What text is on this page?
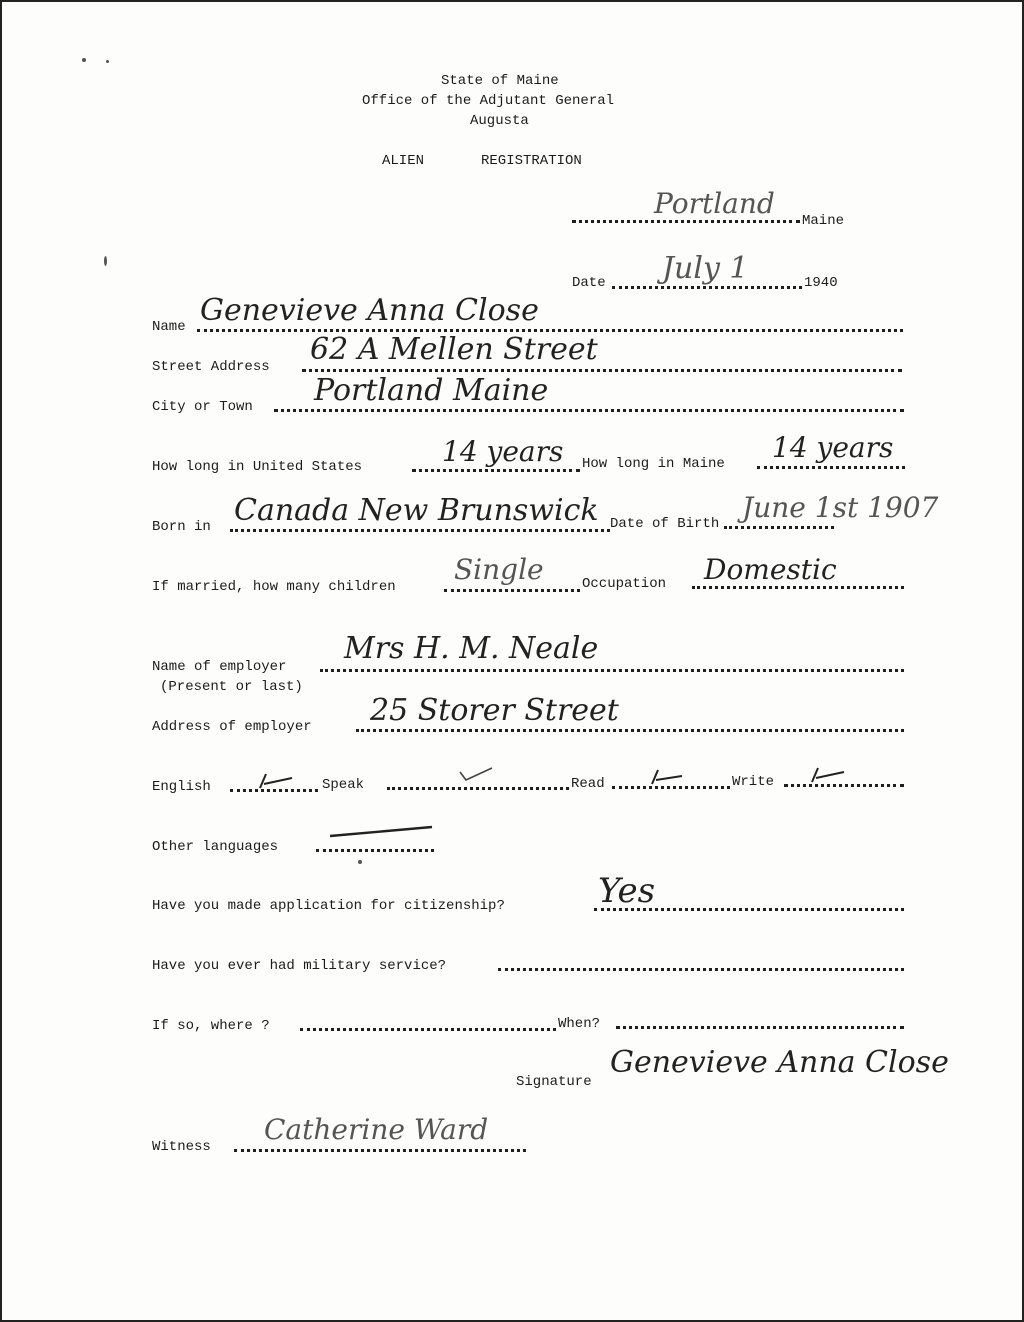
State of Maine
Office of the Adjutant General
Augusta
ALIEN	REGISTRATION
Portland
Maine
Date July 1	1940
Name Genevieve Anna Close
Street Address 62 A Mellen Street
City or Town Portland Maine
How long in United States	14 years How long in Maine 14 years
Born in Canada New Brunswick Date of Birth June 1st 1907
If married, how many children
Single	Occupation Domestic
Name of employer
(Present or last)
Mrs H. M. Neale
Address of employer 25 Storer Street
English	Speak	Read	Write
Other languages
Have you made application for citizenship?	Yes
Have you ever had military service?
If so, where ?	When?
Signature
Genevieve Anna Close
Witness
Catherine Ward
